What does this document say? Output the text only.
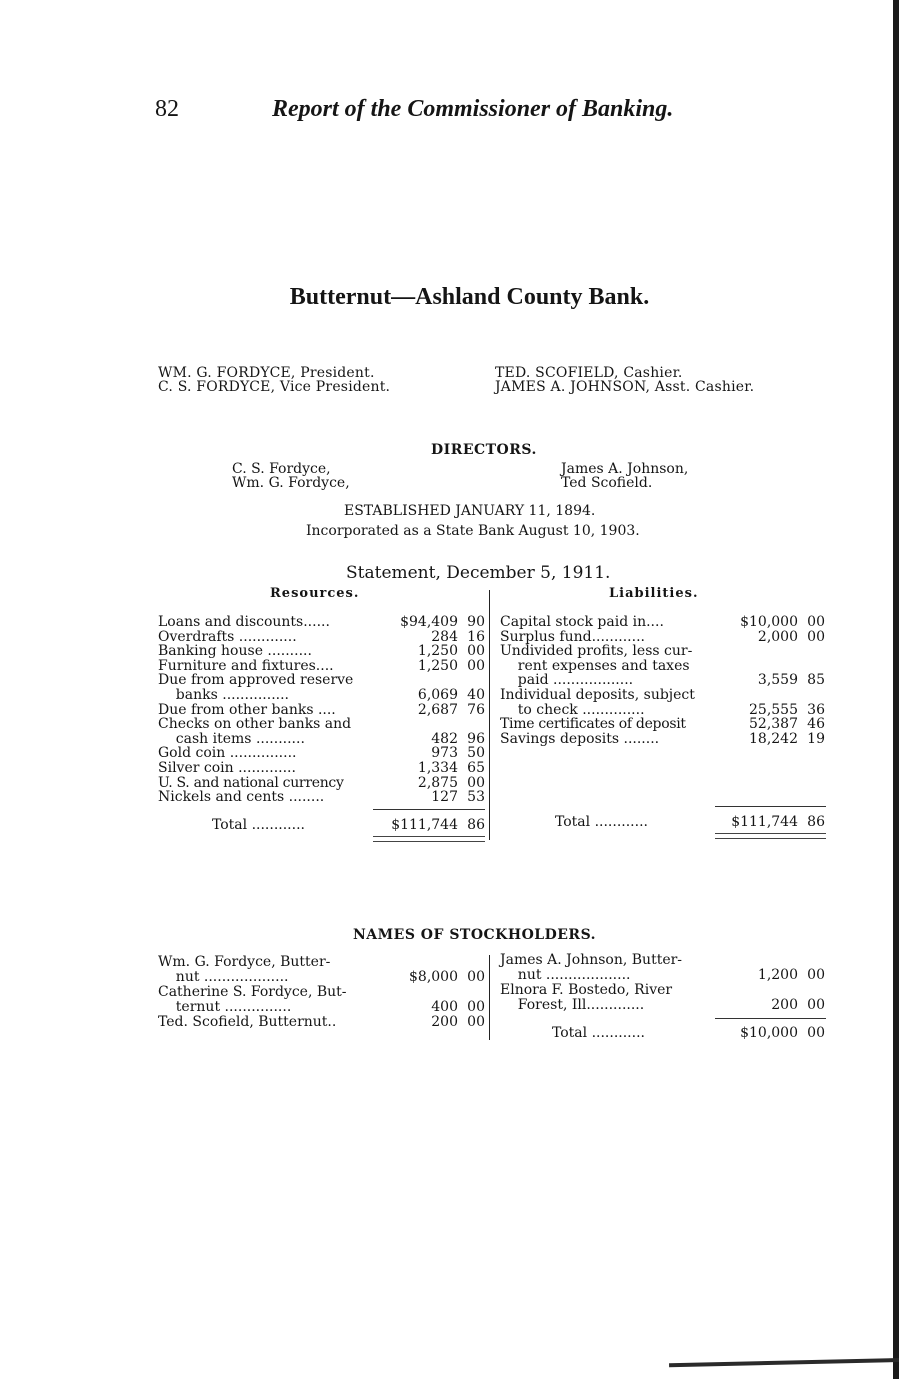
82	Report of the Commissioner of Banking.
Butternut—Ashland County Bank.
WM. G. FORDYCE, President.
C. S. FORDYCE, Vice President.
TED. SCOFIELD, Cashier.
JAMES A. JOHNSON, Asst. Cashier.
DIRECTORS.
C. S. Fordyce,
Wm. G. Fordyce,
James A. Johnson,
Ted Scofield.
ESTABLISHED JANUARY 11, 1894.
Incorporated as a State Bank August 10, 1903.
Statement, December 5, 1911.
Resources.	Liabilities.
Loans and discounts......	$94,409 90
Overdrafts .............	284 16
Banking house ..........	1,250 00
Furniture and fixtures....	1,250 00
Due from approved reserve
banks ...............	6,069 40
Due from other banks ....	2,687 76
Checks on other banks and
cash items ...........	482 96
Gold coin ...............	973 50
Silver coin .............	1,334 65
U. S. and national currency	2,875 00
Nickels and cents ........	127 53
Total ............	$111,744 86
Capital stock paid in....	$10,000 00
Surplus fund............	2,000 00
Undivided profits, less cur-
rent expenses and taxes
paid ..................	3,559 85
Individual deposits, subject
to check ..............	25,555 36
Time certificates of deposit	52,387 46
Savings deposits ........	18,242 19
Total ............	$111,744 86
NAMES OF STOCKHOLDERS.
Wm. G. Fordyce, Butter-
nut ...................	$8,000 00
Catherine S. Fordyce, But-
ternut ...............	400 00
Ted. Scofield, Butternut..	200 00
James A. Johnson, Butter-
nut ...................	1,200 00
Elnora F. Bostedo, River
Forest, Ill.............	200 00
Total ............	$10,000 00
